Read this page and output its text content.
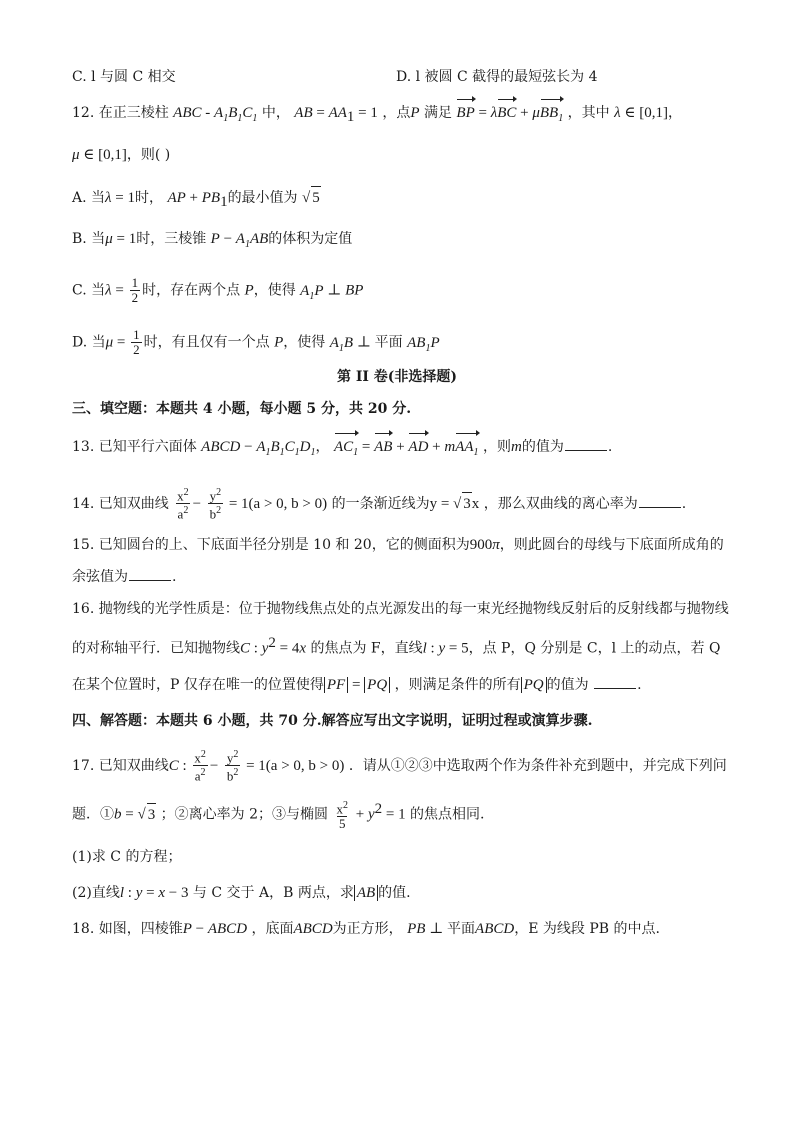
C. l 与圆 C 相交	D. l 被圆 C 截得的最短弦长为 4
12. 在正三棱柱 ABC - $A_1B_1C_1$ 中， AB = $AA_1 = 1$ ，点P 满足 BP = λBC + μBB$_1$ ，其中 λ ∈ [0,1]，
μ ∈ [0,1]，则( )
A. 当λ = 1时， AP + $PB_1$的最小值为 √ 5
B. 当μ = 1时，三棱锥 $P - A_1AB$的体积为定值
C. 当$\lambda = \frac{1}{2}$ 时，存在两个点 P，使得 $A_1P$ ⊥ BP
D. 当$\mu = \frac{1}{2}$ 时，有且仅有一个点 P，使得 $A_1B$ ⊥ 平面 $AB_1P$
第 II 卷(非选择题)
三、填空题：本题共 4 小题，每小题 5 分，共 20 分.
13. 已知平行六面体 ABCD − $A_1B_1C_1D_1$， $AC_1$ = AB + AD + mAA$_1$ ，则m的值为	.
14. 已知双曲线 $\frac{x^2}{a^2} - \frac{y^2}{b^2} = 1(a > 0$, b > 0) 的一条渐近线为y = √ 3x ，那么双曲线的离心率为	.
15. 已知圆台的上、下底面半径分别是 10 和 20，它的侧面积为900π，则此圆台的母线与下底面所成角的
余弦值为	.
16. 抛物线的光学性质是：位于抛物线焦点处的点光源发出的每一束光经抛物线反射后的反射线都与抛物线
的对称轴平行．已知抛物线C : $y^2 = 4x$ 的焦点为 F，直线l : y = 5，点 P，Q 分别是 C，l 上的动点，若 Q
在某个位置时，P 仅存在唯一的位置使得 PF = PQ ，则满足条件的所有 PQ 的值为	.
四、解答题：本题共 6 小题，共 70 分.解答应写出文字说明，证明过程或演算步骤.
17. 已知双曲线C : $\frac{x^2}{a^2} - \frac{y^2}{b^2} = 1(a > 0$, b > 0) ．请从①②③中选取两个作为条件补充到题中，并完成下列问
题．①b = √ 3 ；②离心率为 2；③与椭圆 $\frac{x^2}{5} + y^2 = 1$ 的焦点相同.
(1)求 C 的方程；
(2)直线l : y = x − 3 与 C 交于 A，B 两点，求 AB 的值.
18. 如图，四棱锥P − ABCD ，底面ABCD为正方形， PB ⊥ 平面ABCD，E 为线段 PB 的中点.
